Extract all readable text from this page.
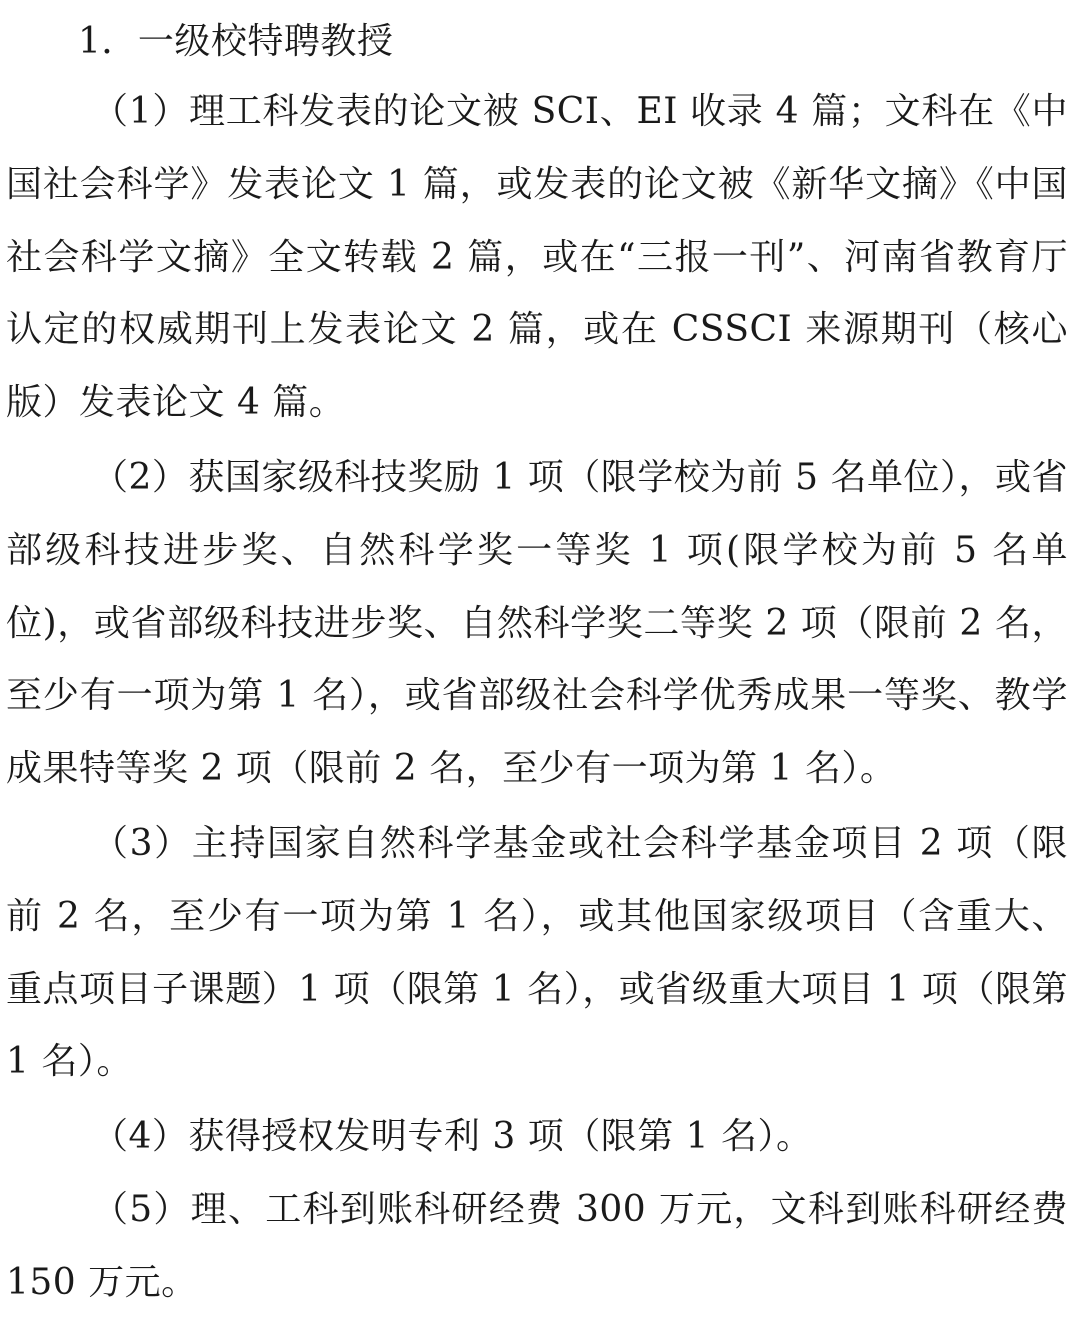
1．一级校特聘教授

（1）理工科发表的论文被 SCI、EI 收录 4 篇；文科在《中国社会科学》发表论文 1 篇，或发表的论文被《新华文摘》《中国社会科学文摘》全文转载 2 篇，或在“三报一刊”、河南省教育厅认定的权威期刊上发表论文 2 篇，或在 CSSCI 来源期刊（核心版）发表论文 4 篇。

（2）获国家级科技奖励 1 项（限学校为前 5 名单位），或省部级科技进步奖、自然科学奖一等奖 1 项(限学校为前 5 名单位)，或省部级科技进步奖、自然科学奖二等奖 2 项（限前 2 名，至少有一项为第 1 名），或省部级社会科学优秀成果一等奖、教学成果特等奖 2 项（限前 2 名，至少有一项为第 1 名）。

（3）主持国家自然科学基金或社会科学基金项目 2 项（限前 2 名，至少有一项为第 1 名），或其他国家级项目（含重大、重点项目子课题）1 项（限第 1 名），或省级重大项目 1 项（限第 1 名）。

（4）获得授权发明专利 3 项（限第 1 名）。

（5）理、工科到账科研经费 300 万元，文科到账科研经费 150 万元。
